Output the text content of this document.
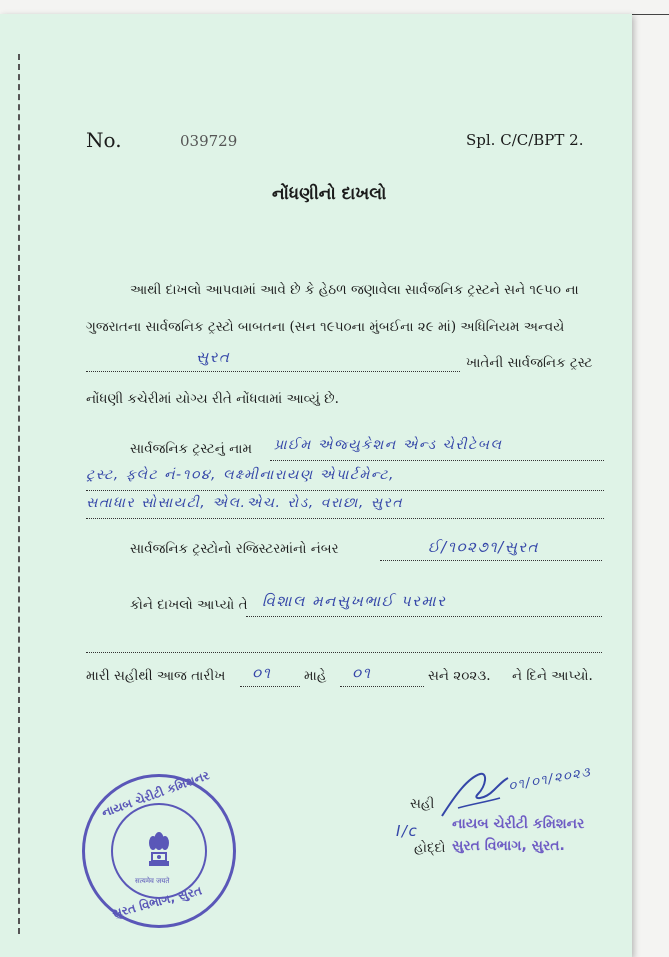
No.	039729	Spl. C/C/BPT 2.
નોંધણીનો દાખલો
આથી દાખલો આપવામાં આવે છે કે હેઠળ જણાવેલા સાર્વજનિક ટ્રસ્ટને સને ૧૯૫૦ ના
ગુજરાતના સાર્વજનિક ટ્રસ્ટો બાબતના (સન ૧૯૫૦ના મુંબઈના ૨૯ માં) અધિનિયમ અન્વયે
સુરત	ખાતેની સાર્વજનિક ટ્રસ્ટ
નોંધણી કચેરીમાં યોગ્ય રીતે નોંધવામાં આવ્યું છે.
સાર્વજનિક ટ્રસ્ટનું નામ પ્રાઈમ એજ્યુકેશન એન્ડ ચેરીટેબલ
ટ્રસ્ટ, ફ્લેટ નં-૧૦૪, લક્ષ્મીનારાયણ એપાર્ટમેન્ટ,
સતાધાર સોસાયટી, એલ.એચ. રોડ, વરાછા, સુરત
સાર્વજનિક ટ્રસ્ટોનો રજિસ્ટરમાંનો નંબર	ઈ/૧૦૨૭૧/સુરત
કોને દાખલો આપ્યો તે વિશાલ મનસુખભાઈ પરમાર
મારી સહીથી આજ તારીખ ૦૧ માહે ૦૧	સને ૨૦૨૩. ને દિને આપ્યો.
सत्यमेव जयते
નાયબ ચેરીટી કમિશનર
સુરત વિભાગ, સુરત
સહી
૦૧/૦૧/૨૦૨૩
I/c નાયબ ચેરીટી કમિશનર
હોદ્દો સુરત વિભાગ, સુરત.
